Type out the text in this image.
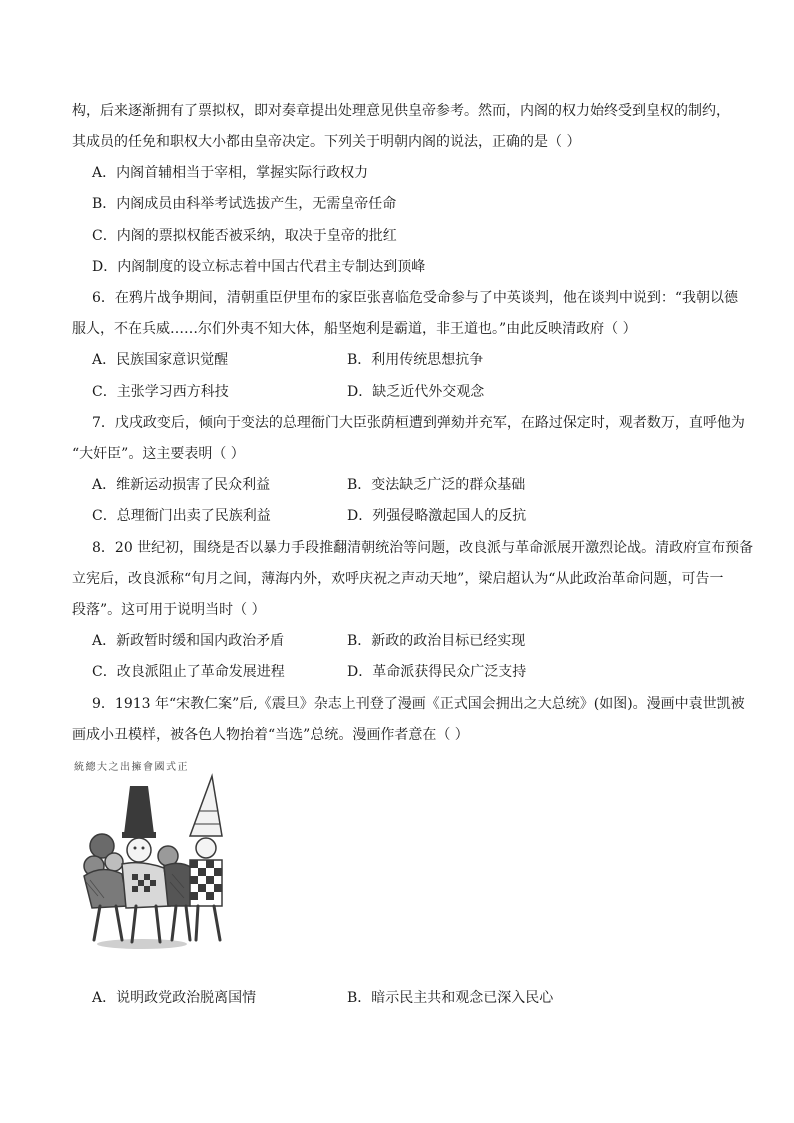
构，后来逐渐拥有了票拟权，即对奏章提出处理意见供皇帝参考。然而，内阁的权力始终受到皇权的制约，
其成员的任免和职权大小都由皇帝决定。下列关于明朝内阁的说法，正确的是（ ）
A．内阁首辅相当于宰相，掌握实际行政权力
B．内阁成员由科举考试选拔产生，无需皇帝任命
C．内阁的票拟权能否被采纳，取决于皇帝的批红
D．内阁制度的设立标志着中国古代君主专制达到顶峰
6．在鸦片战争期间，清朝重臣伊里布的家臣张喜临危受命参与了中英谈判，他在谈判中说到：“我朝以德
服人，不在兵威……尔们外夷不知大体，船坚炮利是霸道，非王道也。”由此反映清政府（ ）
A．民族国家意识觉醒	B．利用传统思想抗争
C．主张学习西方科技	D．缺乏近代外交观念
7．戊戌政变后，倾向于变法的总理衙门大臣张荫桓遭到弹劾并充军，在路过保定时，观者数万，直呼他为
“大奸臣”。这主要表明（ ）
A．维新运动损害了民众利益	B．变法缺乏广泛的群众基础
C．总理衙门出卖了民族利益	D．列强侵略激起国人的反抗
8．20 世纪初，围绕是否以暴力手段推翻清朝统治等问题，改良派与革命派展开激烈论战。清政府宣布预备
立宪后，改良派称“旬月之间，薄海内外，欢呼庆祝之声动天地”，梁启超认为“从此政治革命问题，可告一
段落”。这可用于说明当时（ ）
A．新政暂时缓和国内政治矛盾	B．新政的政治目标已经实现
C．改良派阻止了革命发展进程	D．革命派获得民众广泛支持
9．1913 年“宋教仁案”后,《震旦》杂志上刊登了漫画《正式国会拥出之大总统》(如图)。漫画中袁世凯被
画成小丑模样，被各色人物抬着“当选”总统。漫画作者意在（ ）
統總大之出擁會國式正
A．说明政党政治脱离国情	B．暗示民主共和观念已深入民心
